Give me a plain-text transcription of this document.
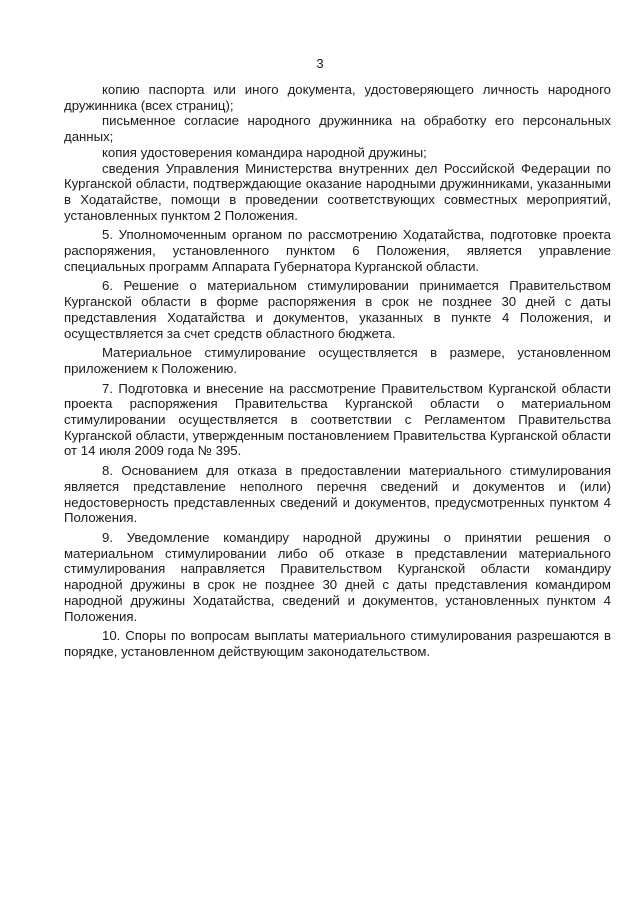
3

копию паспорта или иного документа, удостоверяющего личность народного дружинника (всех страниц);

письменное согласие народного дружинника на обработку его персональных данных;

копия удостоверения командира народной дружины;

сведения Управления Министерства внутренних дел Российской Федерации по Курганской области, подтверждающие оказание народными дружинниками, указанными в Ходатайстве, помощи в проведении соответствующих совместных мероприятий, установленных пунктом 2 Положения.

5. Уполномоченным органом по рассмотрению Ходатайства, подготовке проекта распоряжения, установленного пунктом 6 Положения, является управление специальных программ Аппарата Губернатора Курганской области.

6. Решение о материальном стимулировании принимается Правительством Курганской области в форме распоряжения в срок не позднее 30 дней с даты представления Ходатайства и документов, указанных в пункте 4 Положения, и осуществляется за счет средств областного бюджета.

Материальное стимулирование осуществляется в размере, установленном приложением к Положению.

7. Подготовка и внесение на рассмотрение Правительством Курганской области проекта распоряжения Правительства Курганской области о материальном стимулировании осуществляется в соответствии с Регламентом Правительства Курганской области, утвержденным постановлением Правительства Курганской области от 14 июля 2009 года № 395.

8. Основанием для отказа в предоставлении материального стимулирования является представление неполного перечня сведений и документов и (или) недостоверность представленных сведений и документов, предусмотренных пунктом 4 Положения.

9. Уведомление командиру народной дружины о принятии решения о материальном стимулировании либо об отказе в представлении материального стимулирования направляется Правительством Курганской области командиру народной дружины в срок не позднее 30 дней с даты представления командиром народной дружины Ходатайства, сведений и документов, установленных пунктом 4 Положения.

10. Споры по вопросам выплаты материального стимулирования разрешаются в порядке, установленном действующим законодательством.
